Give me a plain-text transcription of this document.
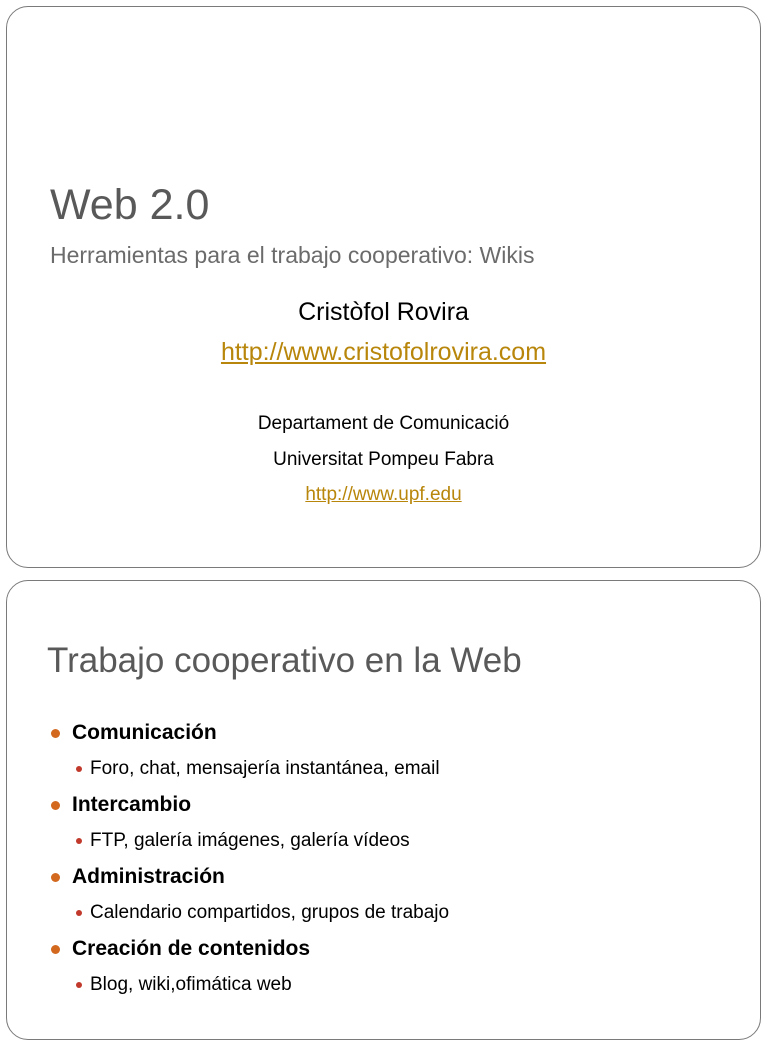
Web 2.0
Herramientas para el trabajo cooperativo: Wikis
Cristòfol Rovira
http://www.cristofolrovira.com
Departament de Comunicació
Universitat Pompeu Fabra
http://www.upf.edu
Trabajo cooperativo en la Web
Comunicación
Foro, chat, mensajería instantánea, email
Intercambio
FTP, galería imágenes, galería vídeos
Administración
Calendario compartidos, grupos de trabajo
Creación de contenidos
Blog, wiki,ofimática web
